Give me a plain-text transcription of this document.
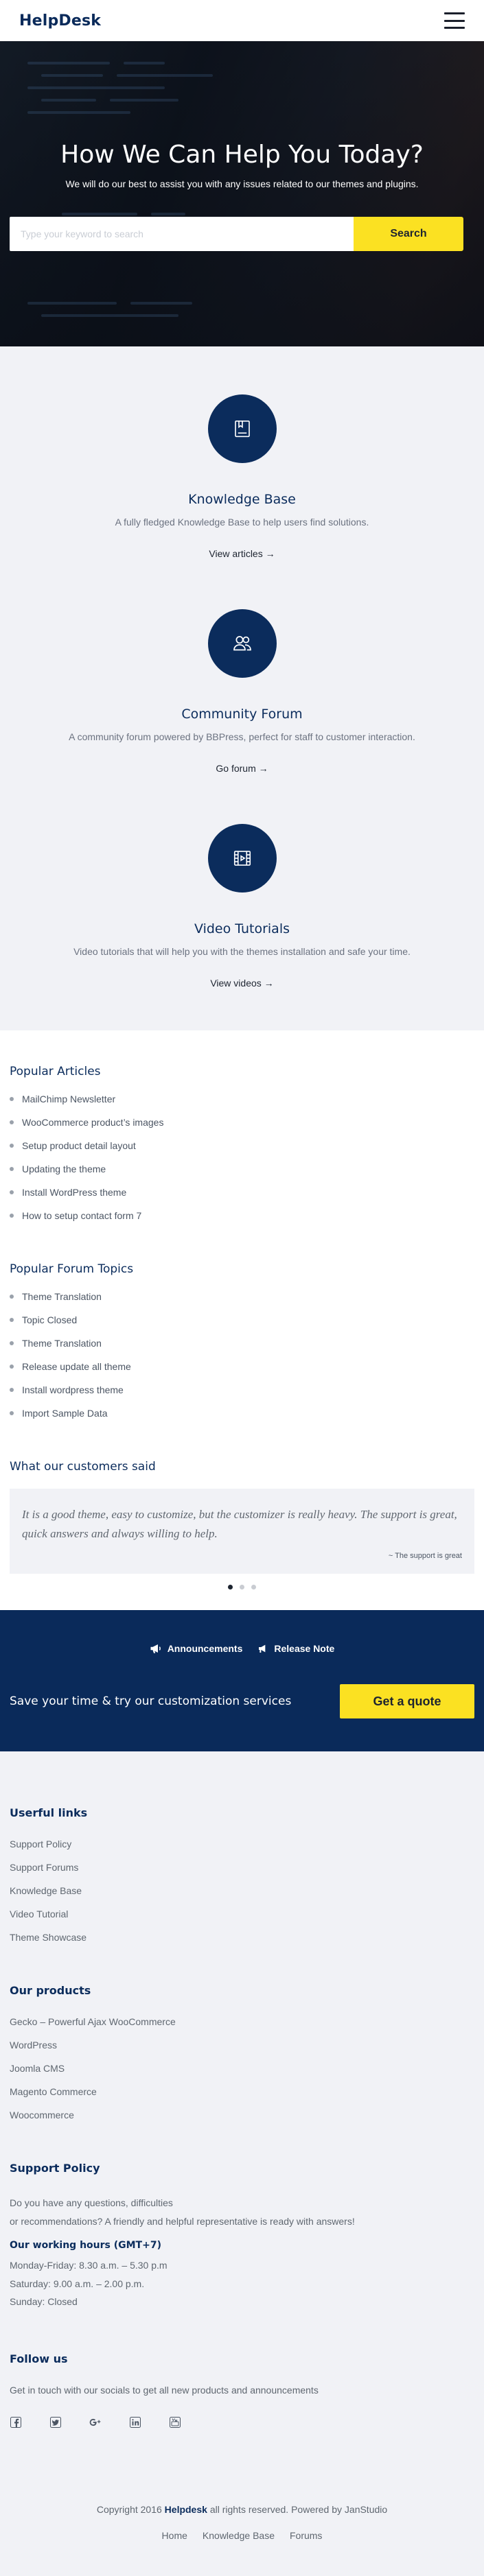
HelpDesk
How We Can Help You Today?

We will do our best to assist you with any issues related to our themes and plugins.

Type your keyword to search
Search
Knowledge Base

A fully fledged Knowledge Base to help users find solutions.

View articles →
Community Forum

A community forum powered by BBPress, perfect for staff to customer interaction.

Go forum →
Video Tutorials

Video tutorials that will help you with the themes installation and safe your time.

View videos →
Popular Articles
MailChimp Newsletter
WooCommerce product’s images
Setup product detail layout
Updating the theme
Install WordPress theme
How to setup contact form 7
Popular Forum Topics
Theme Translation
Topic Closed
Theme Translation
Release update all theme
Install wordpress theme
Import Sample Data
What our customers said
It is a good theme, easy to customize, but the customizer is really heavy. The support is great, quick answers and always willing to help.
~ The support is great
Announcements	Release Note
Save your time & try our customization services	Get a quote
Userful links
Support Policy
Support Forums
Knowledge Base
Video Tutorial
Theme Showcase
Our products
Gecko – Powerful Ajax WooCommerce
WordPress
Joomla CMS
Magento Commerce
Woocommerce
Support Policy

Do you have any questions, difficulties

or recommendations? A friendly and helpful representative is ready with answers!

Our working hours (GMT+7)

Monday-Friday: 8.30 a.m. – 5.30 p.m

Saturday: 9.00 a.m. – 2.00 p.m.

Sunday: Closed

Follow us

Get in touch with our socials to get all new products and announcements

Copyright 2016 Helpdesk all rights reserved. Powered by JanStudio
Home Knowledge Base Forums
